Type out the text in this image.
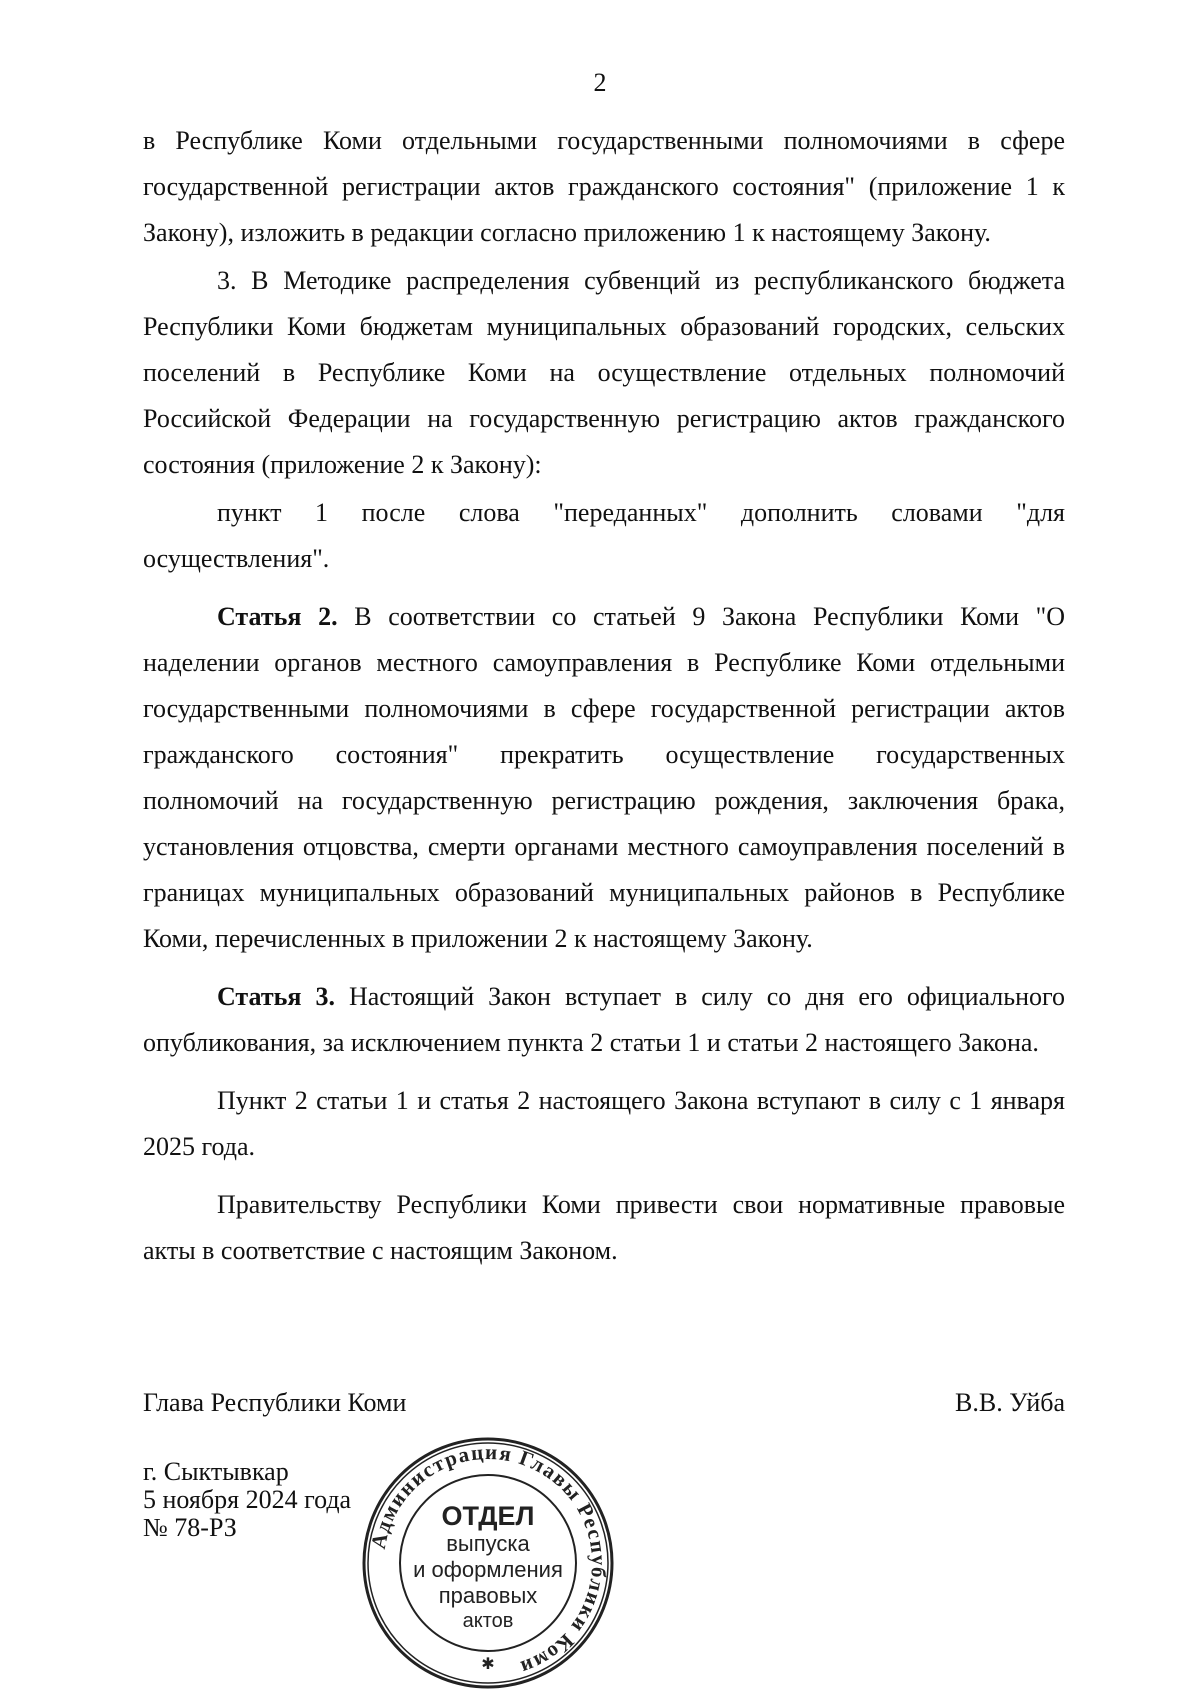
2

в Республике Коми отдельными государственными полномочиями в сфере государственной регистрации актов гражданского состояния" (приложение 1 к Закону), изложить в редакции согласно приложению 1 к настоящему Закону.

3. В Методике распределения субвенций из республиканского бюджета Республики Коми бюджетам муниципальных образований городских, сельских поселений в Республике Коми на осуществление отдельных полномочий Российской Федерации на государственную регистрацию актов гражданского состояния (приложение 2 к Закону):

пункт 1 после слова "переданных" дополнить словами "для осуществления".

Статья 2. В соответствии со статьей 9 Закона Республики Коми "О наделении органов местного самоуправления в Республике Коми отдельными государственными полномочиями в сфере государственной регистрации актов гражданского состояния" прекратить осуществление государственных полномочий на государственную регистрацию рождения, заключения брака, установления отцовства, смерти органами местного самоуправления поселений в границах муниципальных образований муниципальных районов в Республике Коми, перечисленных в приложении 2 к настоящему Закону.

Статья 3. Настоящий Закон вступает в силу со дня его официального опубликования, за исключением пункта 2 статьи 1 и статьи 2 настоящего Закона.

Пункт 2 статьи 1 и статья 2 настоящего Закона вступают в силу с 1 января 2025 года.

Правительству Республики Коми привести свои нормативные правовые акты в соответствие с настоящим Законом.

Глава Республики Коми	В.В. Уйба
г. Сыктывкар
5 ноября 2024 года
№ 78-РЗ	Администрация Главы Республики Коми
ОТДЕЛ
выпуска
и оформления
правовых
актов
✱
